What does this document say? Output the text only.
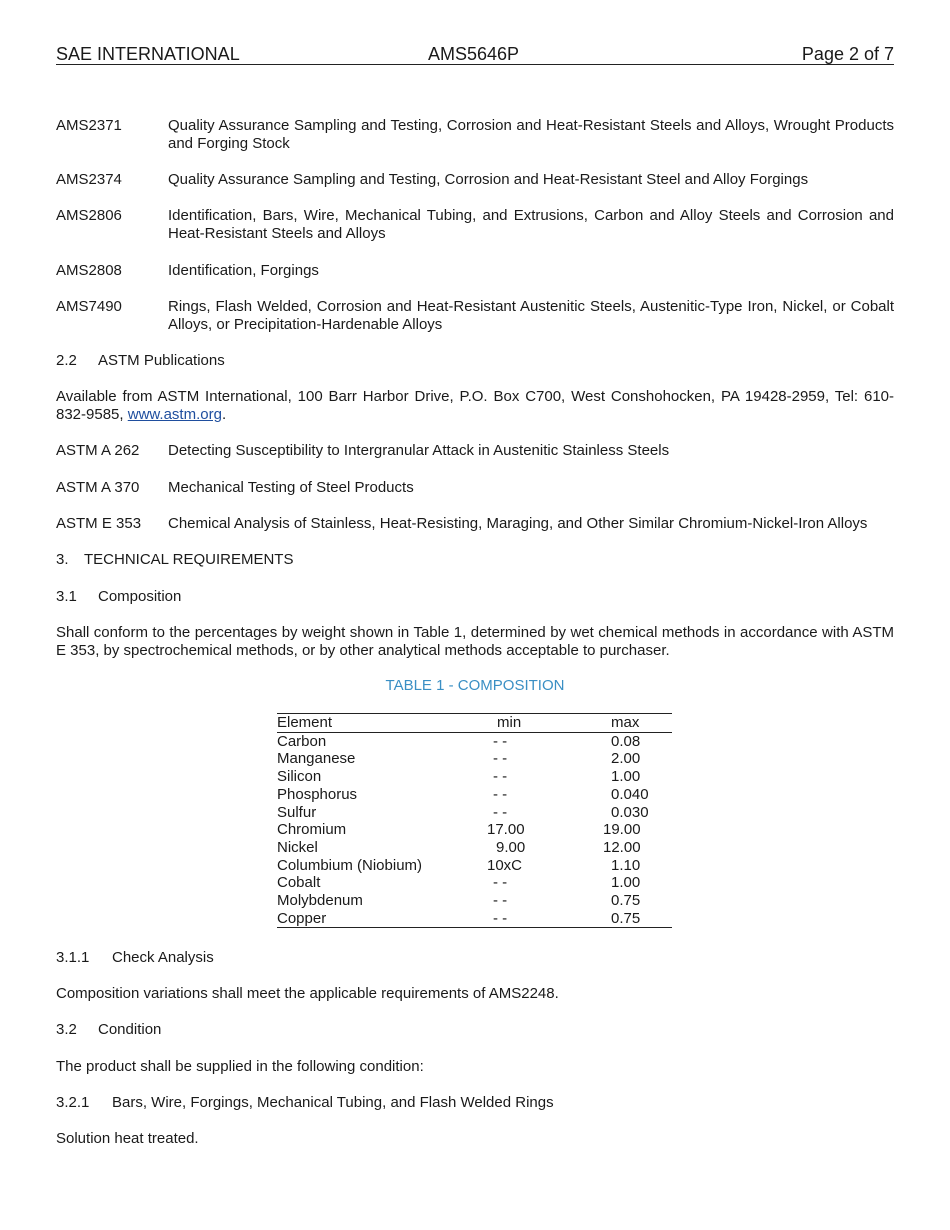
SAE INTERNATIONAL	AMS5646P	Page 2 of 7
AMS2371	Quality Assurance Sampling and Testing, Corrosion and Heat-Resistant Steels and Alloys, Wrought Products and Forging Stock
AMS2374	Quality Assurance Sampling and Testing, Corrosion and Heat-Resistant Steel and Alloy Forgings
AMS2806	Identification, Bars, Wire, Mechanical Tubing, and Extrusions, Carbon and Alloy Steels and Corrosion and Heat-Resistant Steels and Alloys
AMS2808	Identification, Forgings
AMS7490	Rings, Flash Welded, Corrosion and Heat-Resistant Austenitic Steels, Austenitic-Type Iron, Nickel, or Cobalt Alloys, or Precipitation-Hardenable Alloys
2.2 ASTM Publications
Available from ASTM International, 100 Barr Harbor Drive, P.O. Box C700, West Conshohocken, PA 19428-2959, Tel: 610-832-9585, www.astm.org.
ASTM A 262 Detecting Susceptibility to Intergranular Attack in Austenitic Stainless Steels
ASTM A 370 Mechanical Testing of Steel Products
ASTM E 353 Chemical Analysis of Stainless, Heat-Resisting, Maraging, and Other Similar Chromium-Nickel-Iron Alloys
3. TECHNICAL REQUIREMENTS
3.1 Composition
Shall conform to the percentages by weight shown in Table 1, determined by wet chemical methods in accordance with ASTM E 353, by spectrochemical methods, or by other analytical methods acceptable to purchaser.
TABLE 1 - COMPOSITION
Element	min	max
Carbon	- -	0.08
Manganese	- -	2.00
Silicon	- -	1.00
Phosphorus	- -	0.040
Sulfur	- -	0.030
Chromium	17.00	19.00
Nickel	9.00	12.00
Columbium (Niobium)	10xC	1.10
Cobalt	- -	1.00
Molybdenum	- -	0.75
Copper	- -	0.75
3.1.1 Check Analysis
Composition variations shall meet the applicable requirements of AMS2248.
3.2 Condition
The product shall be supplied in the following condition:
3.2.1 Bars, Wire, Forgings, Mechanical Tubing, and Flash Welded Rings
Solution heat treated.
